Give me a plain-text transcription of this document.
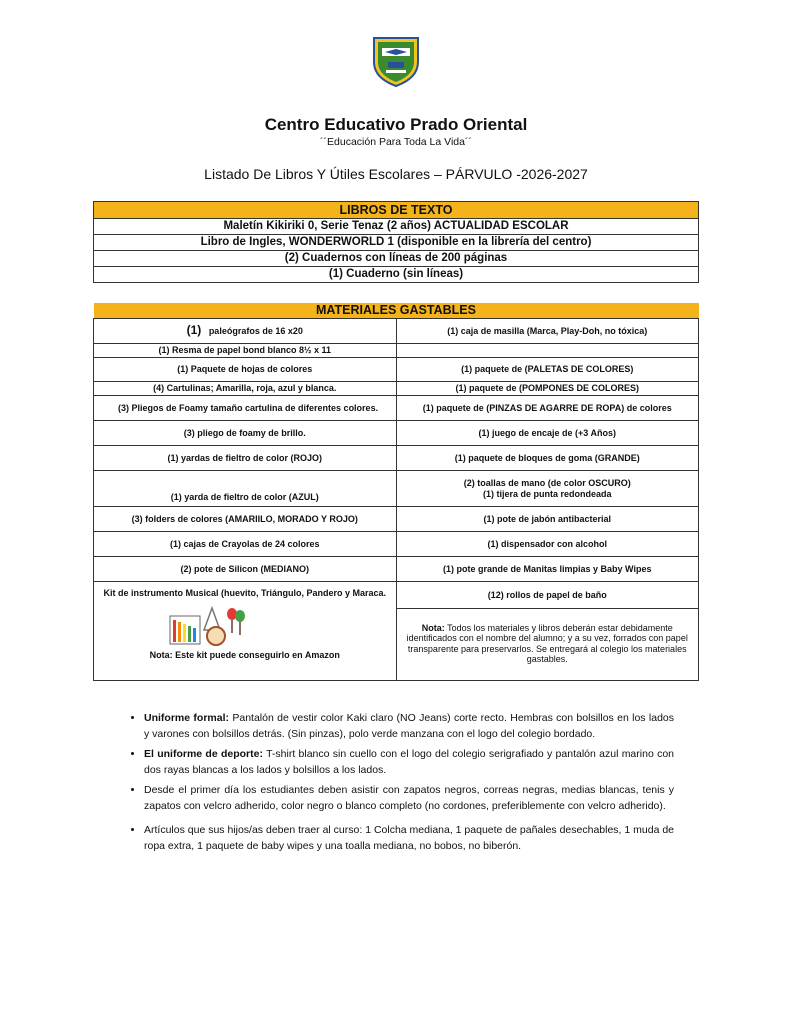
Centro Educativo Prado Oriental
´´Educación Para Toda La Vida´´
Listado De Libros Y Útiles Escolares – PÁRVULO -2026-2027
LIBROS DE TEXTO
Maletín Kikiriki 0, Serie Tenaz (2 años) ACTUALIDAD ESCOLAR
Libro de Ingles, WONDERWORLD 1 (disponible en la librería del centro)
(2) Cuadernos con líneas de 200 páginas
(1) Cuaderno (sin líneas)
MATERIALES GASTABLES	
(1) paleógrafos de 16 x20	(1) caja de masilla (Marca, Play-Doh, no tóxica)
(1) Resma de papel bond blanco 8½ x 11	
(1) Paquete de hojas de colores	(1) paquete de (PALETAS DE COLORES)
(4) Cartulinas; Amarilla, roja, azul y blanca.	(1) paquete de (POMPONES DE COLORES)
(3) Pliegos de Foamy tamaño cartulina de diferentes colores.	(1) paquete de (PINZAS DE AGARRE DE ROPA) de colores
(3) pliego de foamy de brillo.	(1) juego de encaje de (+3 Años)
(1) yardas de fieltro de color (ROJO)	(1) paquete de bloques de goma (GRANDE)
(1) yarda de fieltro de color (AZUL)	(2) toallas de mano (de color OSCURO)
(1) tijera de punta redondeada

(3) folders de colores (AMARIILO, MORADO Y ROJO)	(1) pote de jabón antibacterial
(1) cajas de Crayolas de 24 colores	(1) dispensador con alcohol
(2) pote de Silicon (MEDIANO)	(1) pote grande de Manitas limpias y Baby Wipes

Kit de instrumento Musical (huevito, Triángulo, Pandero y Maraca.
Nota: Este kit puede conseguirlo en Amazon	(12) rollos de papel de baño
	Nota: Todos los materiales y libros deberán estar debidamente identificados con el nombre del alumno; y a su vez, forrados con papel transparente para preservarlos. Se entregará al colegio los materiales gastables.
• Uniforme formal: Pantalón de vestir color Kaki claro (NO Jeans) corte recto. Hembras con bolsillos en los lados y varones con bolsillos detrás. (Sin pinzas), polo verde manzana con el logo del colegio bordado.
• El uniforme de deporte: T-shirt blanco sin cuello con el logo del colegio serigrafiado y pantalón azul marino con dos rayas blancas a los lados y bolsillos a los lados.
• Desde el primer día los estudiantes deben asistir con zapatos negros, correas negras, medias blancas, tenis y zapatos con velcro adherido, color negro o blanco completo (no cordones, preferiblemente con velcro adherido).
• Artículos que sus hijos/as deben traer al curso: 1 Colcha mediana, 1 paquete de pañales desechables, 1 muda de ropa extra, 1 paquete de baby wipes y una toalla mediana, no bobos, no biberón.
